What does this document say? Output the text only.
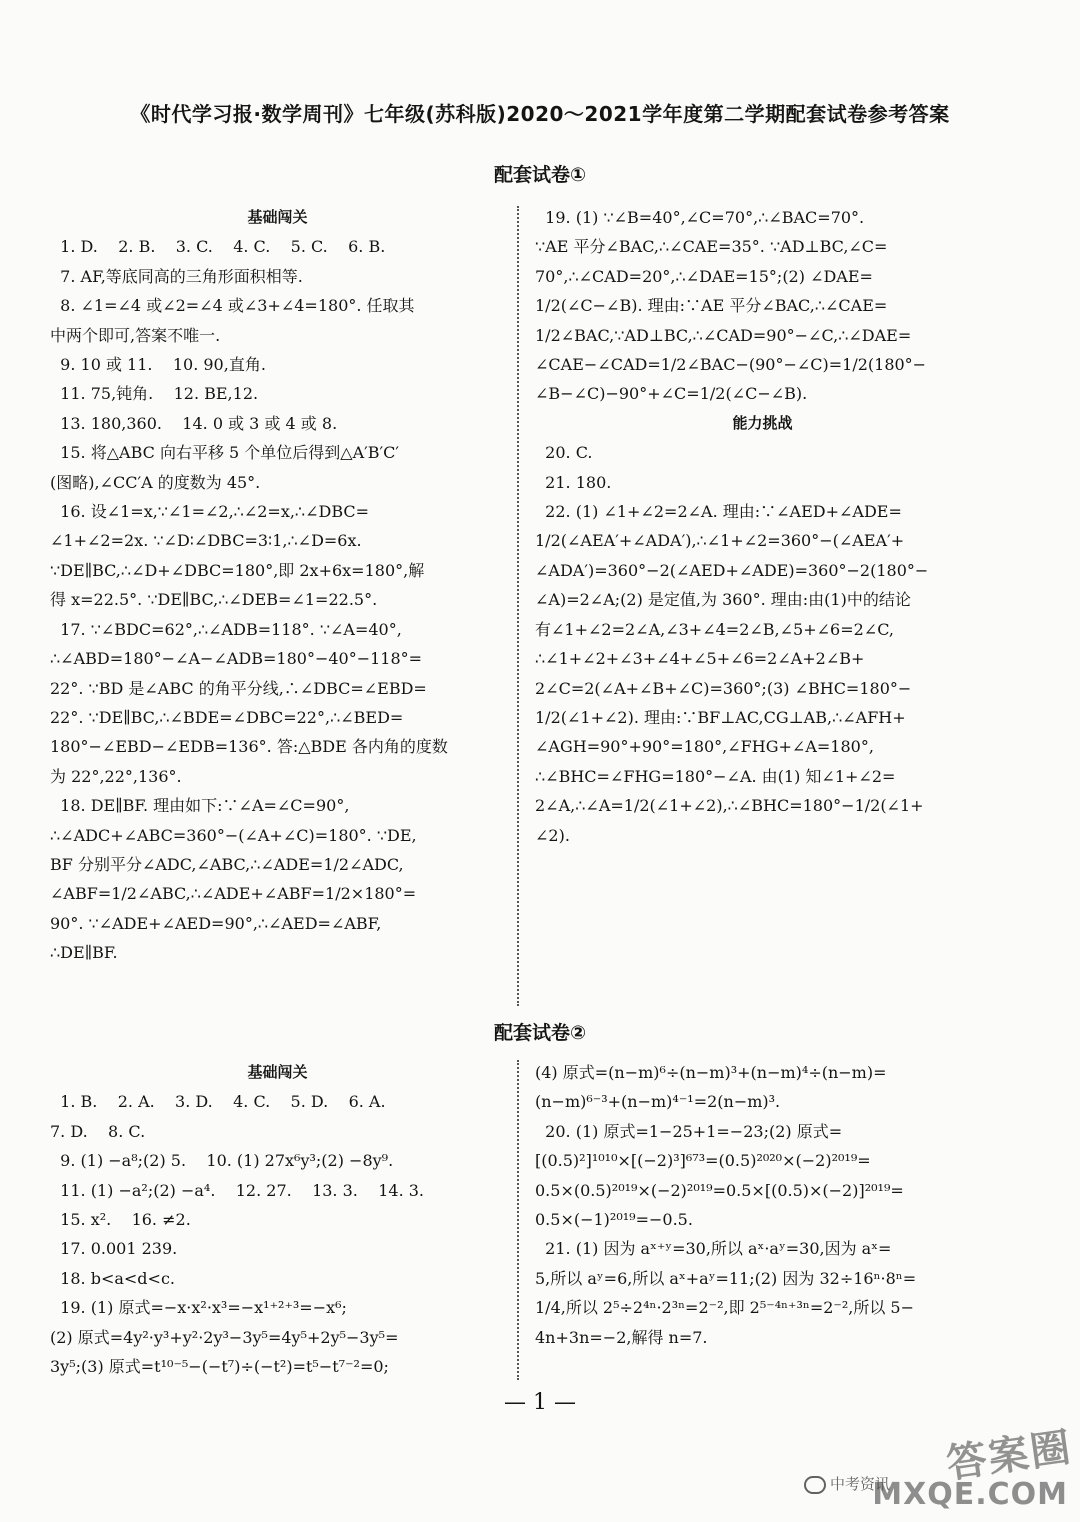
《时代学习报·数学周刊》七年级(苏科版)2020～2021学年度第二学期配套试卷参考答案
配套试卷①
基础闯关
1. D.    2. B.    3. C.    4. C.    5. C.    6. B.
7. AF,等底同高的三角形面积相等.
8. ∠1=∠4 或∠2=∠4 或∠3+∠4=180°. 任取其
中两个即可,答案不唯一.
9. 10 或 11.    10. 90,直角.
11. 75,钝角.    12. BE,12.
13. 180,360.    14. 0 或 3 或 4 或 8.
15. 将△ABC 向右平移 5 个单位后得到△A′B′C′
(图略),∠CC′A 的度数为 45°.
16. 设∠1=x,∵∠1=∠2,∴∠2=x,∴∠DBC=
∠1+∠2=2x. ∵∠D∶∠DBC=3∶1,∴∠D=6x.
∵DE∥BC,∴∠D+∠DBC=180°,即 2x+6x=180°,解
得 x=22.5°. ∵DE∥BC,∴∠DEB=∠1=22.5°.
17. ∵∠BDC=62°,∴∠ADB=118°. ∵∠A=40°,
∴∠ABD=180°−∠A−∠ADB=180°−40°−118°=
22°. ∵BD 是∠ABC 的角平分线,∴∠DBC=∠EBD=
22°. ∵DE∥BC,∴∠BDE=∠DBC=22°,∴∠BED=
180°−∠EBD−∠EDB=136°. 答:△BDE 各内角的度数
为 22°,22°,136°.
18. DE∥BF. 理由如下:∵∠A=∠C=90°,
∴∠ADC+∠ABC=360°−(∠A+∠C)=180°. ∵DE,
BF 分别平分∠ADC,∠ABC,∴∠ADE=1/2∠ADC,
∠ABF=1/2∠ABC,∴∠ADE+∠ABF=1/2×180°=
90°. ∵∠ADE+∠AED=90°,∴∠AED=∠ABF,
∴DE∥BF.
19. (1) ∵∠B=40°,∠C=70°,∴∠BAC=70°.
∵AE 平分∠BAC,∴∠CAE=35°. ∵AD⊥BC,∠C=
70°,∴∠CAD=20°,∴∠DAE=15°;(2) ∠DAE=
1/2(∠C−∠B). 理由:∵AE 平分∠BAC,∴∠CAE=
1/2∠BAC,∵AD⊥BC,∴∠CAD=90°−∠C,∴∠DAE=
∠CAE−∠CAD=1/2∠BAC−(90°−∠C)=1/2(180°−
∠B−∠C)−90°+∠C=1/2(∠C−∠B).
能力挑战
20. C.
21. 180.
22. (1) ∠1+∠2=2∠A. 理由:∵∠AED+∠ADE=
1/2(∠AEA′+∠ADA′),∴∠1+∠2=360°−(∠AEA′+
∠ADA′)=360°−2(∠AED+∠ADE)=360°−2(180°−
∠A)=2∠A;(2) 是定值,为 360°. 理由:由(1)中的结论
有∠1+∠2=2∠A,∠3+∠4=2∠B,∠5+∠6=2∠C,
∴∠1+∠2+∠3+∠4+∠5+∠6=2∠A+2∠B+
2∠C=2(∠A+∠B+∠C)=360°;(3) ∠BHC=180°−
1/2(∠1+∠2). 理由:∵BF⊥AC,CG⊥AB,∴∠AFH+
∠AGH=90°+90°=180°,∠FHG+∠A=180°,
∴∠BHC=∠FHG=180°−∠A. 由(1) 知∠1+∠2=
2∠A,∴∠A=1/2(∠1+∠2),∴∠BHC=180°−1/2(∠1+
∠2).
配套试卷②
基础闯关
1. B.    2. A.    3. D.    4. C.    5. D.    6. A.
7. D.    8. C.
9. (1) −a⁸;(2) 5.    10. (1) 27x⁶y³;(2) −8y⁹.
11. (1) −a²;(2) −a⁴.    12. 27.    13. 3.    14. 3.
15. x².    16. ≠2.
17. 0.001 239.
18. b<a<d<c.
19. (1) 原式=−x·x²·x³=−x¹⁺²⁺³=−x⁶;
(2) 原式=4y²·y³+y²·2y³−3y⁵=4y⁵+2y⁵−3y⁵=
3y⁵;(3) 原式=t¹⁰⁻⁵−(−t⁷)÷(−t²)=t⁵−t⁷⁻²=0;
(4) 原式=(n−m)⁶÷(n−m)³+(n−m)⁴÷(n−m)=
(n−m)⁶⁻³+(n−m)⁴⁻¹=2(n−m)³.
20. (1) 原式=1−25+1=−23;(2) 原式=
[(0.5)²]¹⁰¹⁰×[(−2)³]⁶⁷³=(0.5)²⁰²⁰×(−2)²⁰¹⁹=
0.5×(0.5)²⁰¹⁹×(−2)²⁰¹⁹=0.5×[(0.5)×(−2)]²⁰¹⁹=
0.5×(−1)²⁰¹⁹=−0.5.
21. (1) 因为 aˣ⁺ʸ=30,所以 aˣ·aʸ=30,因为 aˣ=
5,所以 aʸ=6,所以 aˣ+aʸ=11;(2) 因为 32÷16ⁿ·8ⁿ=
1/4,所以 2⁵÷2⁴ⁿ·2³ⁿ=2⁻²,即 2⁵⁻⁴ⁿ⁺³ⁿ=2⁻²,所以 5−
4n+3n=−2,解得 n=7.
— 1 —
中考资讯 答案圈
MXQE.COM
